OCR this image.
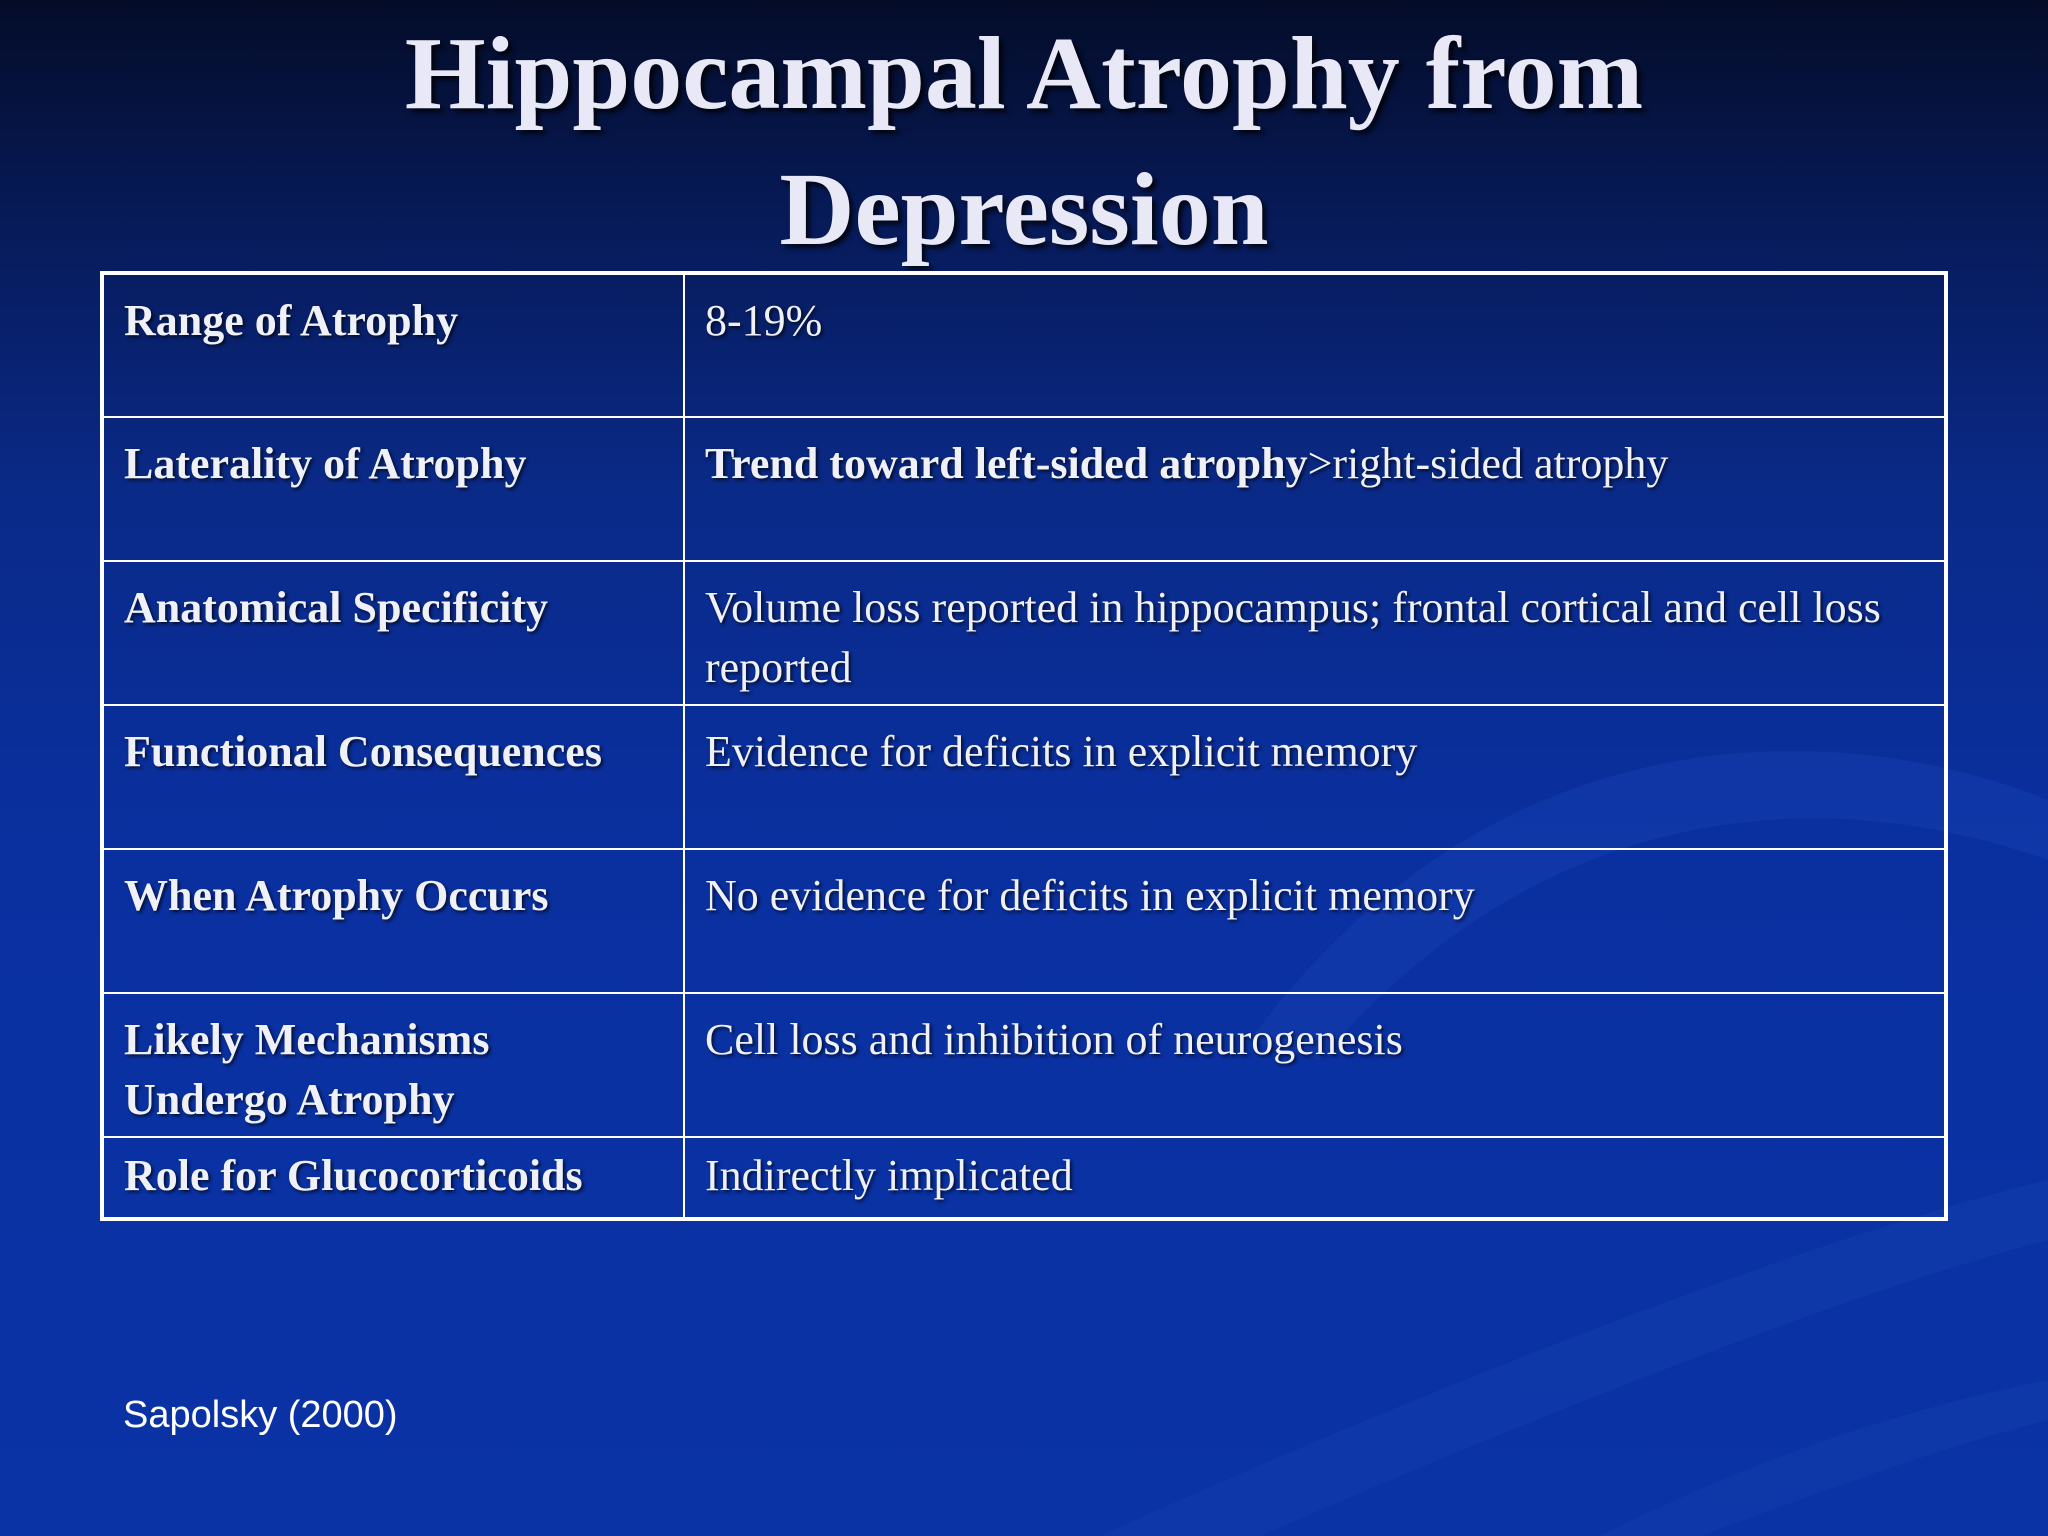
Hippocampal Atrophy from
Depression
Range of Atrophy	8-19%
Laterality of Atrophy	Trend toward left-sided atrophy>right-sided atrophy
Anatomical Specificity	Volume loss reported in hippocampus; frontal cortical and cell loss reported
Functional Consequences	Evidence for deficits in explicit memory
When Atrophy Occurs	No evidence for deficits in explicit memory
Likely Mechanisms Undergo Atrophy	Cell loss and inhibition of neurogenesis
Role for Glucocorticoids	Indirectly implicated

Sapolsky (2000)
